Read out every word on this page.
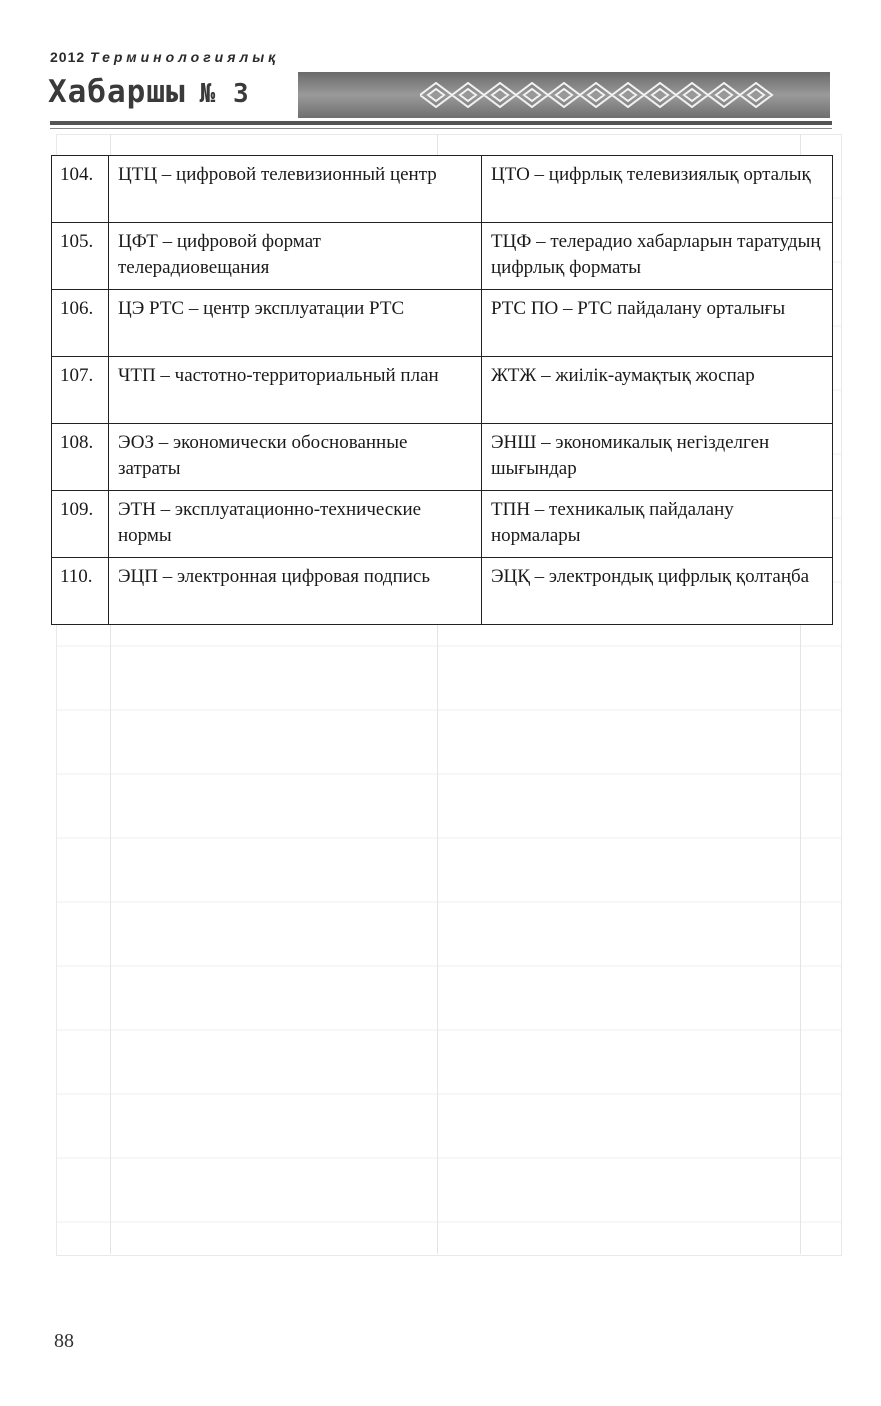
2012 Терминологиялық
Хабаршы № 3
104.	ЦТЦ – цифровой телевизионный центр	ЦТО – цифрлық телевизиялық орталық
105.	ЦФТ – цифровой формат телерадиовещания	ТЦФ – телерадио хабарларын таратудың цифрлық форматы
106.	ЦЭ РТС – центр эксплуатации РТС	РТС ПО – РТС пайдалану орталығы
107.	ЧТП – частотно-территориальный план	ЖТЖ – жиілік-аумақтық жоспар
108.	ЭОЗ – экономически обоснованные затраты	ЭНШ – экономикалық негізделген шығындар
109.	ЭТН – эксплуатационно-технические нормы	ТПН – техникалық пайдалану нормалары
110.	ЭЦП – электронная цифровая подпись	ЭЦҚ – электрондық цифрлық қолтаңба
88
